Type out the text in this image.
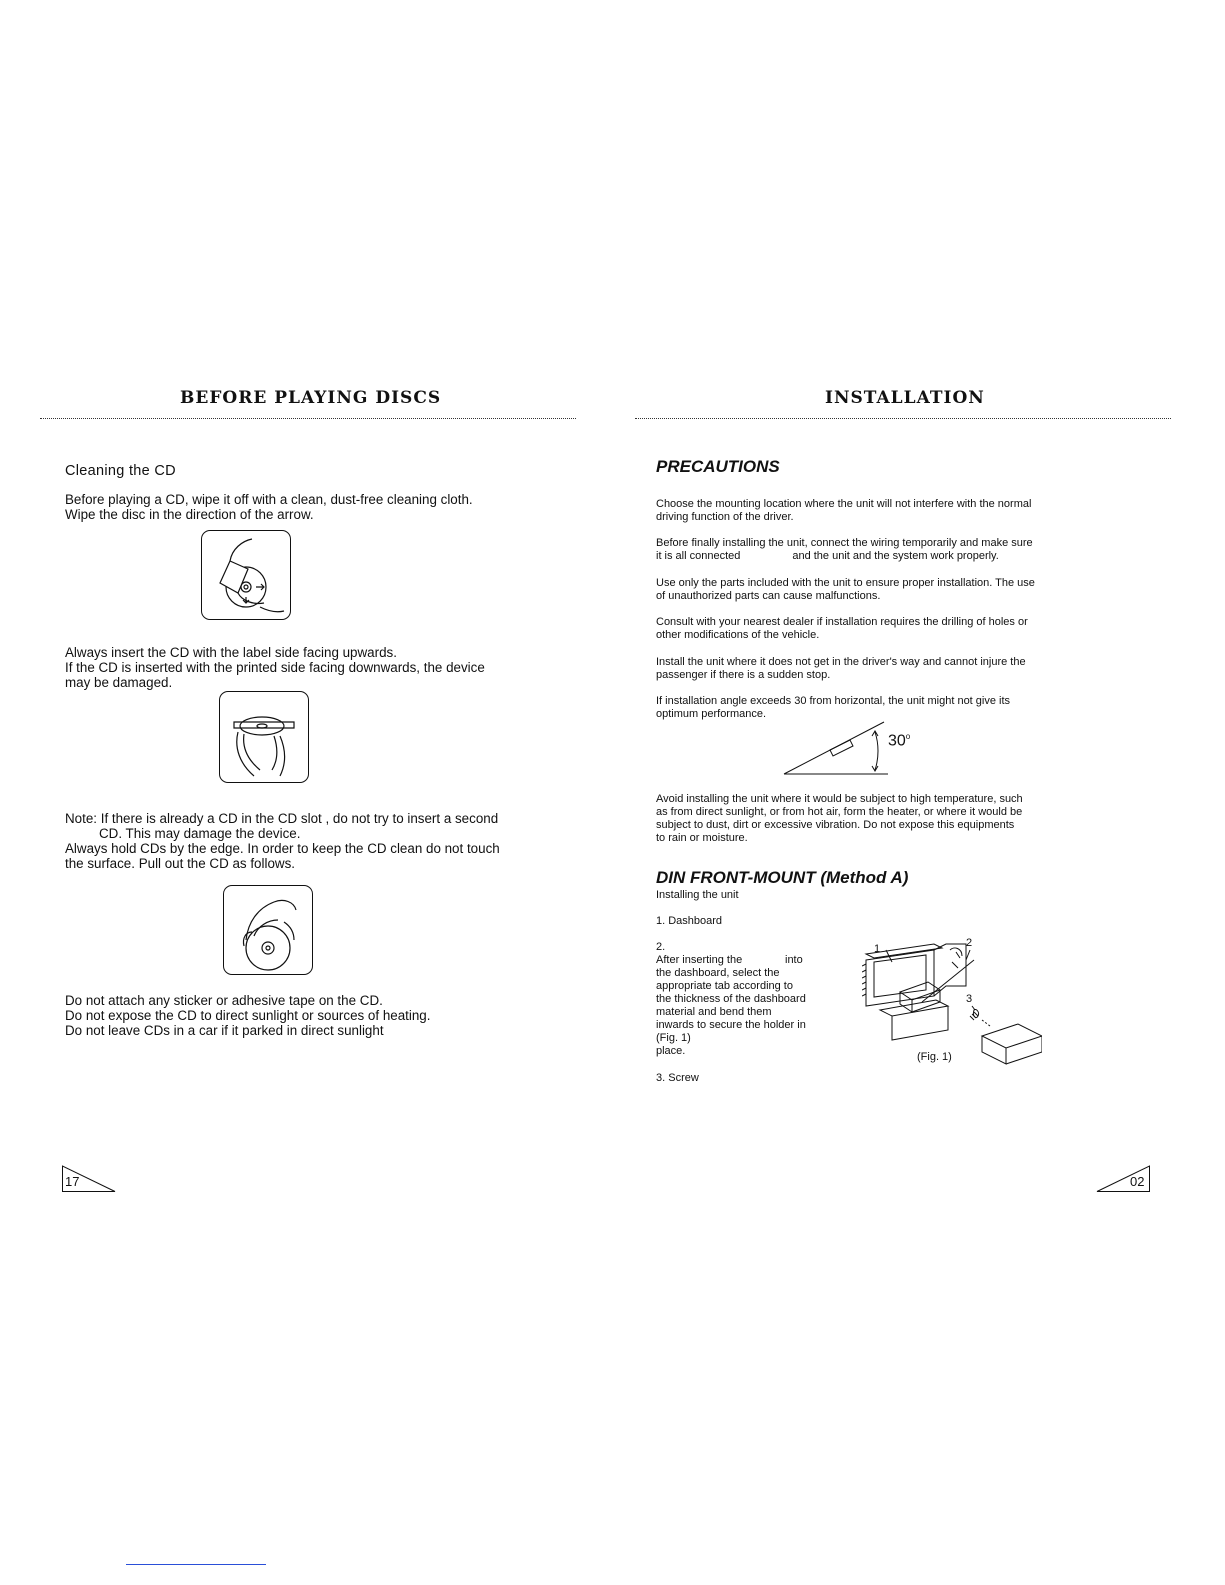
BEFORE PLAYING DISCS
Cleaning the CD
Before playing a CD, wipe it off with a clean, dust-free cleaning cloth.
Wipe the disc in the direction of the arrow.
Always insert the CD with the label side facing upwards.
If the CD is inserted with the printed side facing downwards, the device
may be damaged.
Note: If there is already a CD in the CD slot , do not try to insert a second
CD. This may damage the device.
Always hold CDs by the edge. In order to keep the CD clean do not touch
the surface. Pull out the CD as follows.
Do not attach any sticker or adhesive tape on the CD.
Do not expose the CD to direct sunlight or sources of heating.
Do not leave CDs in a car if it parked in direct sunlight
17
INSTALLATION
PRECAUTIONS
Choose the mounting location where the unit will not interfere with the normal
driving function of the driver.
Before finally installing the unit, connect the wiring temporarily and make sure
it is all connected                 and the unit and the system work properly.
Use only the parts included with the unit to ensure proper installation. The use
of unauthorized parts can cause malfunctions.
Consult with your nearest dealer if installation requires the drilling of holes or
other modifications of the vehicle.
Install the unit where it does not get in the driver's way and cannot injure the
passenger if there is a sudden stop.
If installation angle exceeds 30 from horizontal, the unit might not give its
optimum performance.
30$^o$
Avoid installing the unit where it would be subject to high temperature, such
as from direct sunlight, or from hot air, form the heater, or where it would be
subject to dust, dirt or excessive vibration. Do not expose this equipments
to rain or moisture.
DIN FRONT-MOUNT (Method A)
Installing the unit
1. Dashboard
2.
After inserting the              into
the dashboard, select the
appropriate tab according to
the thickness of the dashboard
material and bend them
inwards to secure the holder in
(Fig. 1)
place.
3. Screw
1	2
3
(Fig. 1)
02
